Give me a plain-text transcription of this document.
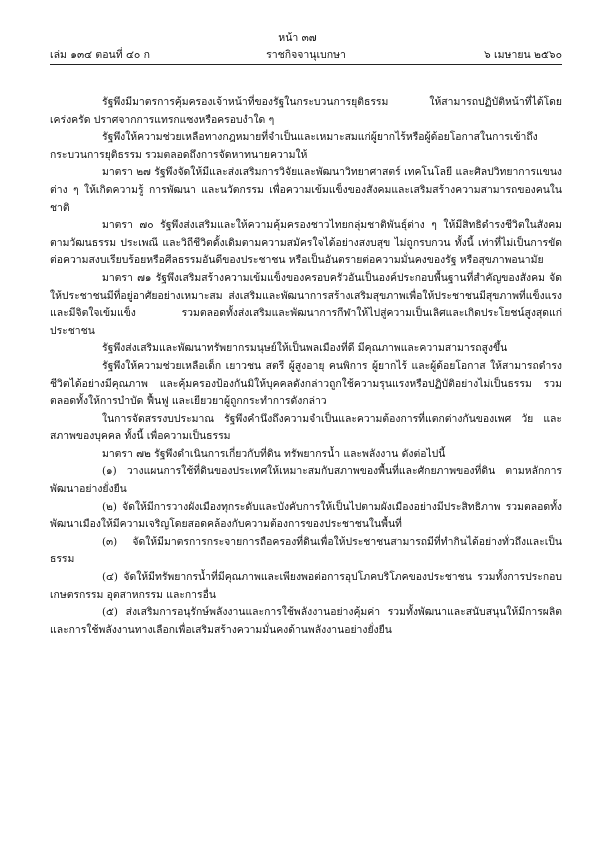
หน้า ๓๗
เล่ม ๑๓๔ ตอนที่ ๔๐ ก	ราชกิจจานุเบกษา	๖ เมษายน ๒๕๖๐

รัฐพึงมีมาตรการคุ้มครองเจ้าหน้าที่ของรัฐในกระบวนการยุติธรรม ให้สามารถปฏิบัติหน้าที่ได้โดยเคร่งครัด ปราศจากการแทรกแซงหรือครอบงำใด ๆ

รัฐพึงให้ความช่วยเหลือทางกฎหมายที่จำเป็นและเหมาะสมแก่ผู้ยากไร้หรือผู้ด้อยโอกาสในการเข้าถึงกระบวนการยุติธรรม รวมตลอดถึงการจัดหาทนายความให้

มาตรา ๒๗ รัฐพึงจัดให้มีและส่งเสริมการวิจัยและพัฒนาวิทยาศาสตร์ เทคโนโลยี และศิลปวิทยาการแขนงต่าง ๆ ให้เกิดความรู้ การพัฒนา และนวัตกรรม เพื่อความเข้มแข็งของสังคมและเสริมสร้างความสามารถของคนในชาติ

มาตรา ๗๐ รัฐพึงส่งเสริมและให้ความคุ้มครองชาวไทยกลุ่มชาติพันธุ์ต่าง ๆ ให้มีสิทธิดำรงชีวิตในสังคมตามวัฒนธรรม ประเพณี และวิถีชีวิตดั้งเดิมตามความสมัครใจได้อย่างสงบสุข ไม่ถูกรบกวน ทั้งนี้ เท่าที่ไม่เป็นการขัดต่อความสงบเรียบร้อยหรือศีลธรรมอันดีของประชาชน หรือเป็นอันตรายต่อความมั่นคงของรัฐ หรือสุขภาพอนามัย

มาตรา ๗๑ รัฐพึงเสริมสร้างความเข้มแข็งของครอบครัวอันเป็นองค์ประกอบพื้นฐานที่สำคัญของสังคม จัดให้ประชาชนมีที่อยู่อาศัยอย่างเหมาะสม ส่งเสริมและพัฒนาการสร้างเสริมสุขภาพเพื่อให้ประชาชนมีสุขภาพที่แข็งแรงและมีจิตใจเข้มแข็ง รวมตลอดทั้งส่งเสริมและพัฒนาการกีฬาให้ไปสู่ความเป็นเลิศและเกิดประโยชน์สูงสุดแก่ประชาชน

รัฐพึงส่งเสริมและพัฒนาทรัพยากรมนุษย์ให้เป็นพลเมืองที่ดี มีคุณภาพและความสามารถสูงขึ้น

รัฐพึงให้ความช่วยเหลือเด็ก เยาวชน สตรี ผู้สูงอายุ คนพิการ ผู้ยากไร้ และผู้ด้อยโอกาส ให้สามารถดำรงชีวิตได้อย่างมีคุณภาพ และคุ้มครองป้องกันมิให้บุคคลดังกล่าวถูกใช้ความรุนแรงหรือปฏิบัติอย่างไม่เป็นธรรม รวมตลอดทั้งให้การบำบัด ฟื้นฟู และเยียวยาผู้ถูกกระทำการดังกล่าว

ในการจัดสรรงบประมาณ รัฐพึงคำนึงถึงความจำเป็นและความต้องการที่แตกต่างกันของเพศ วัย และสภาพของบุคคล ทั้งนี้ เพื่อความเป็นธรรม

มาตรา ๗๒ รัฐพึงดำเนินการเกี่ยวกับที่ดิน ทรัพยากรน้ำ และพลังงาน ดังต่อไปนี้

(๑) วางแผนการใช้ที่ดินของประเทศให้เหมาะสมกับสภาพของพื้นที่และศักยภาพของที่ดิน ตามหลักการพัฒนาอย่างยั่งยืน

(๒) จัดให้มีการวางผังเมืองทุกระดับและบังคับการให้เป็นไปตามผังเมืองอย่างมีประสิทธิภาพ รวมตลอดทั้งพัฒนาเมืองให้มีความเจริญโดยสอดคล้องกับความต้องการของประชาชนในพื้นที่

(๓) จัดให้มีมาตรการกระจายการถือครองที่ดินเพื่อให้ประชาชนสามารถมีที่ทำกินได้อย่างทั่วถึงและเป็นธรรม

(๔) จัดให้มีทรัพยากรน้ำที่มีคุณภาพและเพียงพอต่อการอุปโภคบริโภคของประชาชน รวมทั้งการประกอบเกษตรกรรม อุตสาหกรรม และการอื่น

(๕) ส่งเสริมการอนุรักษ์พลังงานและการใช้พลังงานอย่างคุ้มค่า รวมทั้งพัฒนาและสนับสนุนให้มีการผลิตและการใช้พลังงานทางเลือกเพื่อเสริมสร้างความมั่นคงด้านพลังงานอย่างยั่งยืน
